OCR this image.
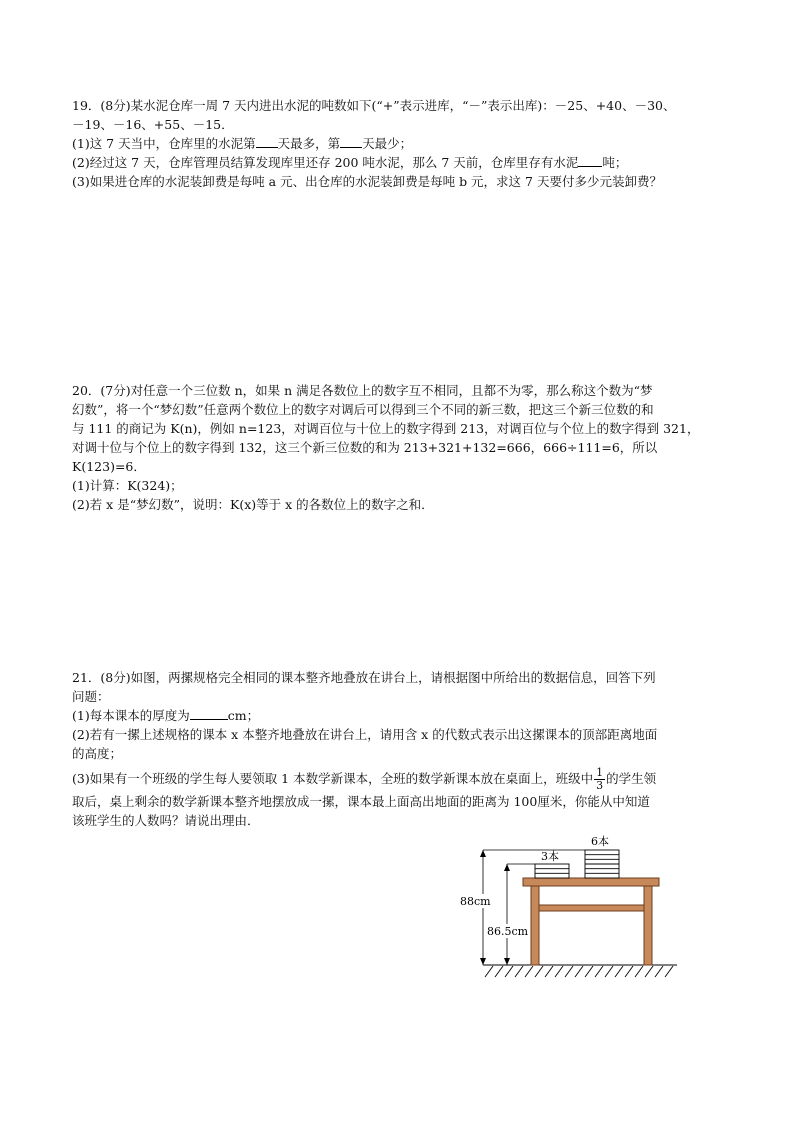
19．(8分)某水泥仓库一周 7 天内进出水泥的吨数如下(“+”表示进库，“－”表示出库)：－25、+40、－30、

－19、－16、+55、－15．

(1)这 7 天当中，仓库里的水泥第 天最多，第 天最少；

(2)经过这 7 天，仓库管理员结算发现库里还存 200 吨水泥，那么 7 天前，仓库里存有水泥 吨；

(3)如果进仓库的水泥装卸费是每吨 a 元、出仓库的水泥装卸费是每吨 b 元，求这 7 天要付多少元装卸费？

20．(7分)对任意一个三位数 n，如果 n 满足各数位上的数字互不相同，且都不为零，那么称这个数为“梦

幻数”，将一个“梦幻数”任意两个数位上的数字对调后可以得到三个不同的新三数，把这三个新三位数的和

与 111 的商记为 K(n)，例如 n=123，对调百位与十位上的数字得到 213，对调百位与个位上的数字得到 321，

对调十位与个位上的数字得到 132，这三个新三位数的和为 213+321+132=666，666÷111=6，所以

K(123)=6．

(1)计算：K(324)；

(2)若 x 是“梦幻数”，说明：K(x)等于 x 的各数位上的数字之和．

21．(8分)如图，两摞规格完全相同的课本整齐地叠放在讲台上，请根据图中所给出的数据信息，回答下列

问题：

(1)每本课本的厚度为	cm；

(2)若有一摞上述规格的课本 x 本整齐地叠放在讲台上，请用含 x 的代数式表示出这摞课本的顶部距离地面

的高度；

(3)如果有一个班级的学生每人要领取 1 本数学新课本，全班的数学新课本放在桌面上，班级中 $\frac{1}{3}$ 的学生领

取后，桌上剩余的数学新课本整齐地摆放成一摞，课本最上面高出地面的距离为 100厘米，你能从中知道

该班学生的人数吗？请说出理由．

3本
6本
88cm
86.5cm
